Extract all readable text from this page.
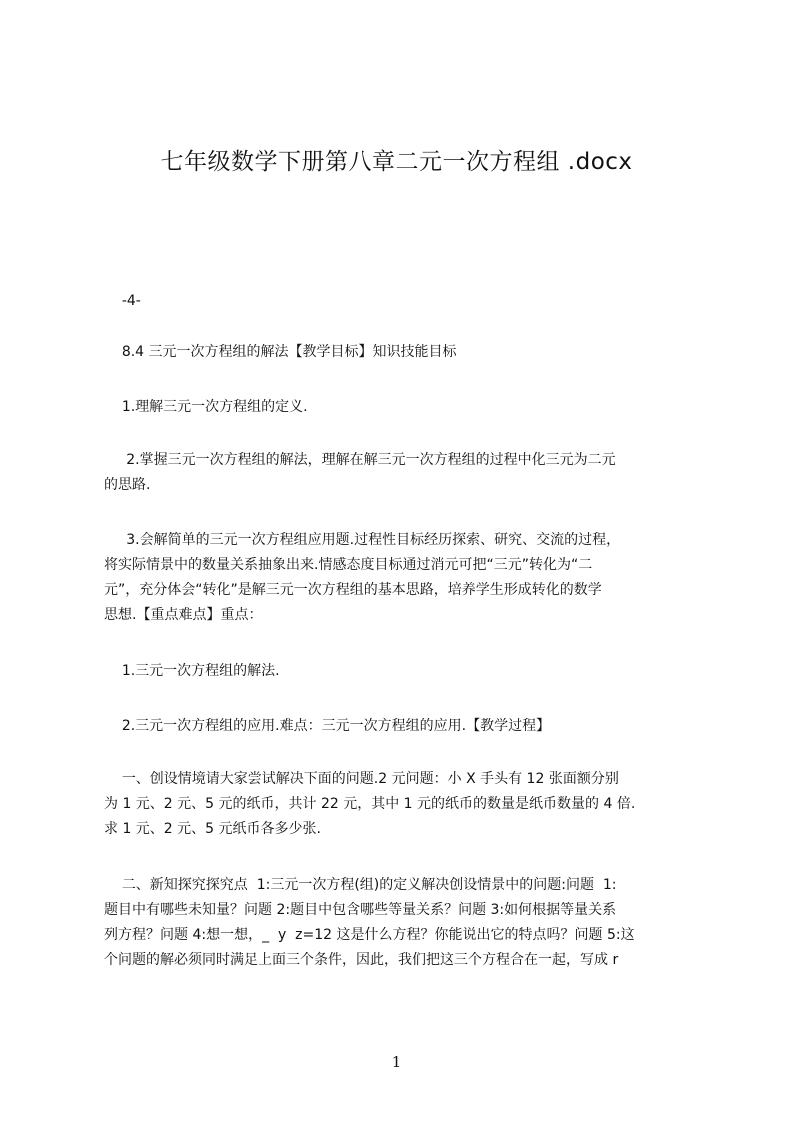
七年级数学下册第八章二元一次方程组 .docx
-4-
8.4 三元一次方程组的解法【教学目标】知识技能目标
1.理解三元一次方程组的定义.
2.掌握三元一次方程组的解法，理解在解三元一次方程组的过程中化三元为二元
的思路.
3.会解简单的三元一次方程组应用题.过程性目标经历探索、研究、交流的过程，
将实际情景中的数量关系抽象出来.情感态度目标通过消元可把“三元”转化为“二
元”，充分体会“转化”是解三元一次方程组的基本思路，培养学生形成转化的数学
思想.【重点难点】重点：
1.三元一次方程组的解法.
2.三元一次方程组的应用.难点：三元一次方程组的应用.【教学过程】
一、创设情境请大家尝试解决下面的问题.2 元问题：小 X 手头有 12 张面额分别
为 1 元、2 元、5 元的纸币，共计 22 元，其中 1 元的纸币的数量是纸币数量的 4 倍.
求 1 元、2 元、5 元纸币各多少张.
二、新知探究探究点  1:三元一次方程(组)的定义解决创设情景中的问题:问题  1:
题目中有哪些未知量？问题 2:题目中包含哪些等量关系？问题 3:如何根据等量关系
列方程？问题 4:想一想，_  y  z=12 这是什么方程？你能说出它的特点吗？问题 5:这
个问题的解必须同时满足上面三个条件，因此，我们把这三个方程合在一起，写成 r
1
